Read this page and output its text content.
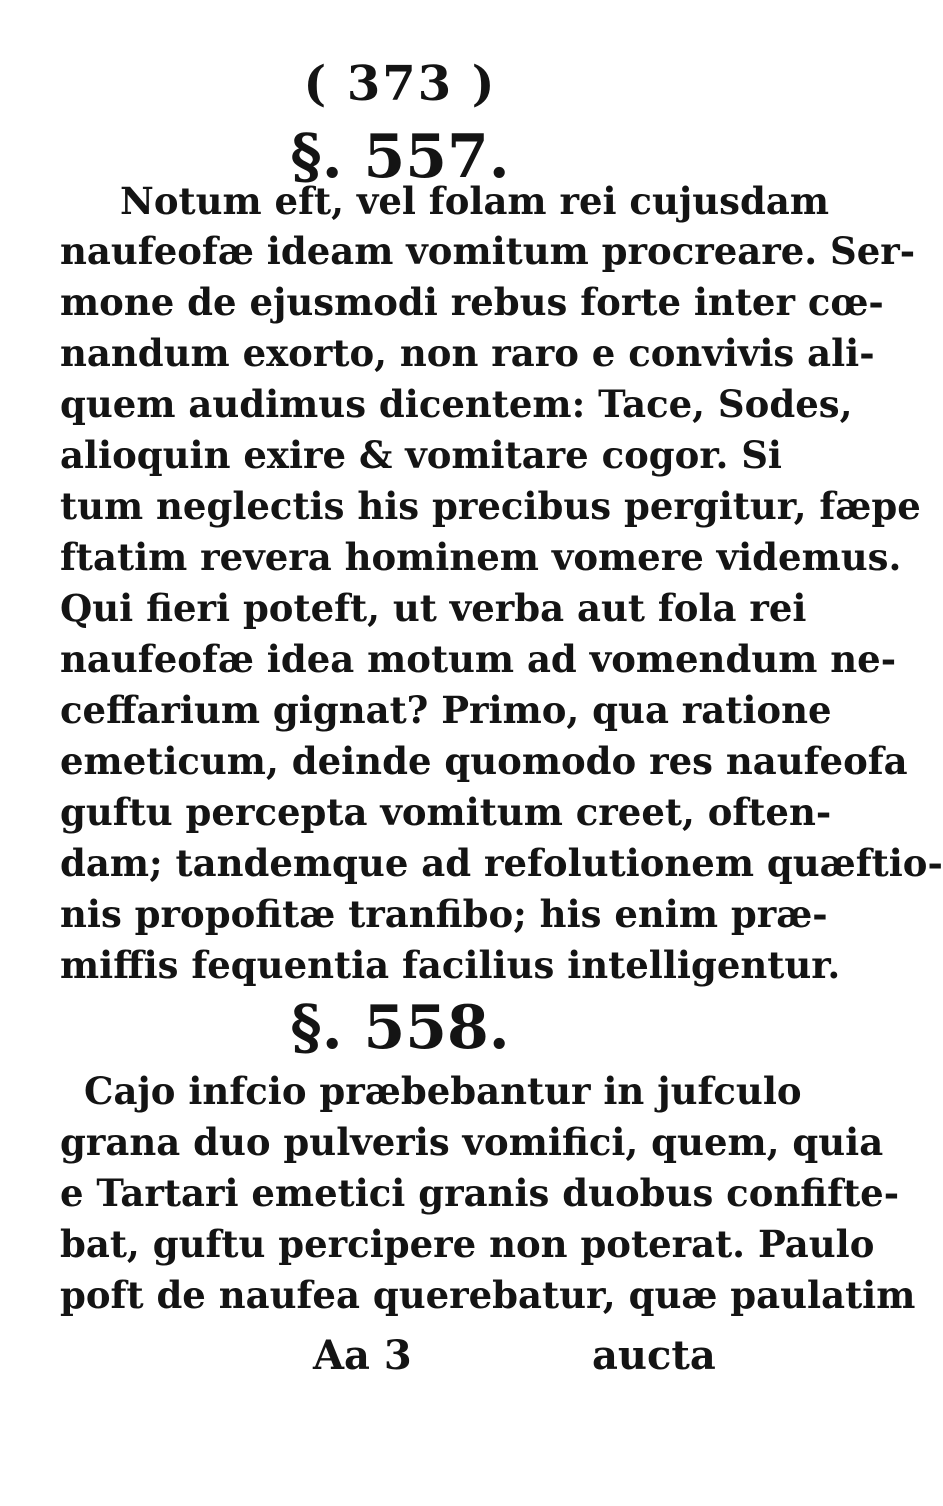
( 373 )
§. 557.
Notum eft, vel folam rei cujusdam
naufeofæ ideam vomitum procreare. Ser-
mone de ejusmodi rebus forte inter cœ-
nandum exorto, non raro e convivis ali-
quem audimus dicentem: Tace, Sodes,
alioquin exire & vomitare cogor. Si
tum neglectis his precibus pergitur, fæpe
ftatim revera hominem vomere videmus.
Qui fieri poteft, ut verba aut fola rei
naufeofæ idea motum ad vomendum ne-
ceffarium gignat? Primo, qua ratione
emeticum, deinde quomodo res naufeofa
guftu percepta vomitum creet, often-
dam; tandemque ad refolutionem quæftio-
nis propofitæ tranfibo; his enim præ-
miffis fequentia facilius intelligentur.
§. 558.
Cajo infcio præbebantur in jufculo
grana duo pulveris vomifici, quem, quia
e Tartari emetici granis duobus confifte-
bat, guftu percipere non poterat. Paulo
poft de naufea querebatur, quæ paulatim
Aa 3	aucta
